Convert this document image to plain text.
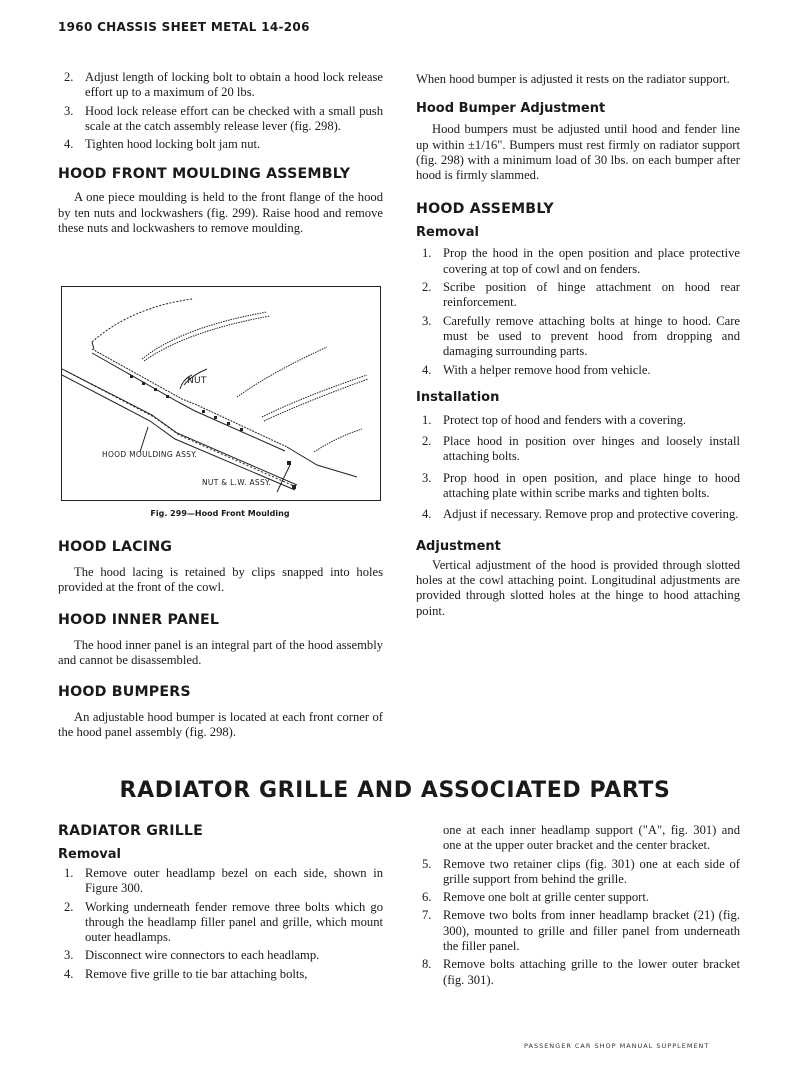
1960 CHASSIS SHEET METAL 14-206
2. Adjust length of locking bolt to obtain a hood lock release effort up to a maximum of 20 lbs.
3. Hood lock release effort can be checked with a small push scale at the catch assembly release lever (fig. 298).
4. Tighten hood locking bolt jam nut.
HOOD FRONT MOULDING ASSEMBLY

A one piece moulding is held to the front flange of the hood by ten nuts and lockwashers (fig. 299). Raise hood and remove these nuts and lockwashers to remove moulding.

NUT
HOOD MOULDING ASSY.
NUT & L.W. ASSY.
Fig. 299—Hood Front Moulding
HOOD LACING

The hood lacing is retained by clips snapped into holes provided at the front of the cowl.

HOOD INNER PANEL

The hood inner panel is an integral part of the hood assembly and cannot be disassembled.

HOOD BUMPERS

An adjustable hood bumper is located at each front corner of the hood panel assembly (fig. 298).

When hood bumper is adjusted it rests on the radiator support.

Hood Bumper Adjustment

Hood bumpers must be adjusted until hood and fender line up within ±1/16". Bumpers must rest firmly on radiator support (fig. 298) with a minimum load of 30 lbs. on each bumper after hood is firmly slammed.

HOOD ASSEMBLY
Removal
1. Prop the hood in the open position and place protective covering at top of cowl and on fenders.
2. Scribe position of hinge attachment on hood rear reinforcement.
3. Carefully remove attaching bolts at hinge to hood. Care must be used to prevent hood from dropping and damaging surrounding parts.
4. With a helper remove hood from vehicle.
Installation
1. Protect top of hood and fenders with a covering.
2. Place hood in position over hinges and loosely install attaching bolts.
3. Prop hood in open position, and place hinge to hood attaching plate within scribe marks and tighten bolts.
4. Adjust if necessary. Remove prop and protective covering.
Adjustment

Vertical adjustment of the hood is provided through slotted holes at the cowl attaching point. Longitudinal adjustments are provided through slotted holes at the hinge to hood attaching point.

RADIATOR GRILLE AND ASSOCIATED PARTS
RADIATOR GRILLE
Removal
1. Remove outer headlamp bezel on each side, shown in Figure 300.
2. Working underneath fender remove three bolts which go through the headlamp filler panel and grille, which mount outer headlamps.
3. Disconnect wire connectors to each headlamp.
4. Remove five grille to tie bar attaching bolts,

one at each inner headlamp support ("A", fig. 301) and one at the upper outer bracket and the center bracket.

5. Remove two retainer clips (fig. 301) one at each side of grille support from behind the grille.
6. Remove one bolt at grille center support.
7. Remove two bolts from inner headlamp bracket (21) (fig. 300), mounted to grille and filler panel from underneath the filler panel.
8. Remove bolts attaching grille to the lower outer bracket (fig. 301).
PASSENGER CAR SHOP MANUAL SUPPLEMENT
